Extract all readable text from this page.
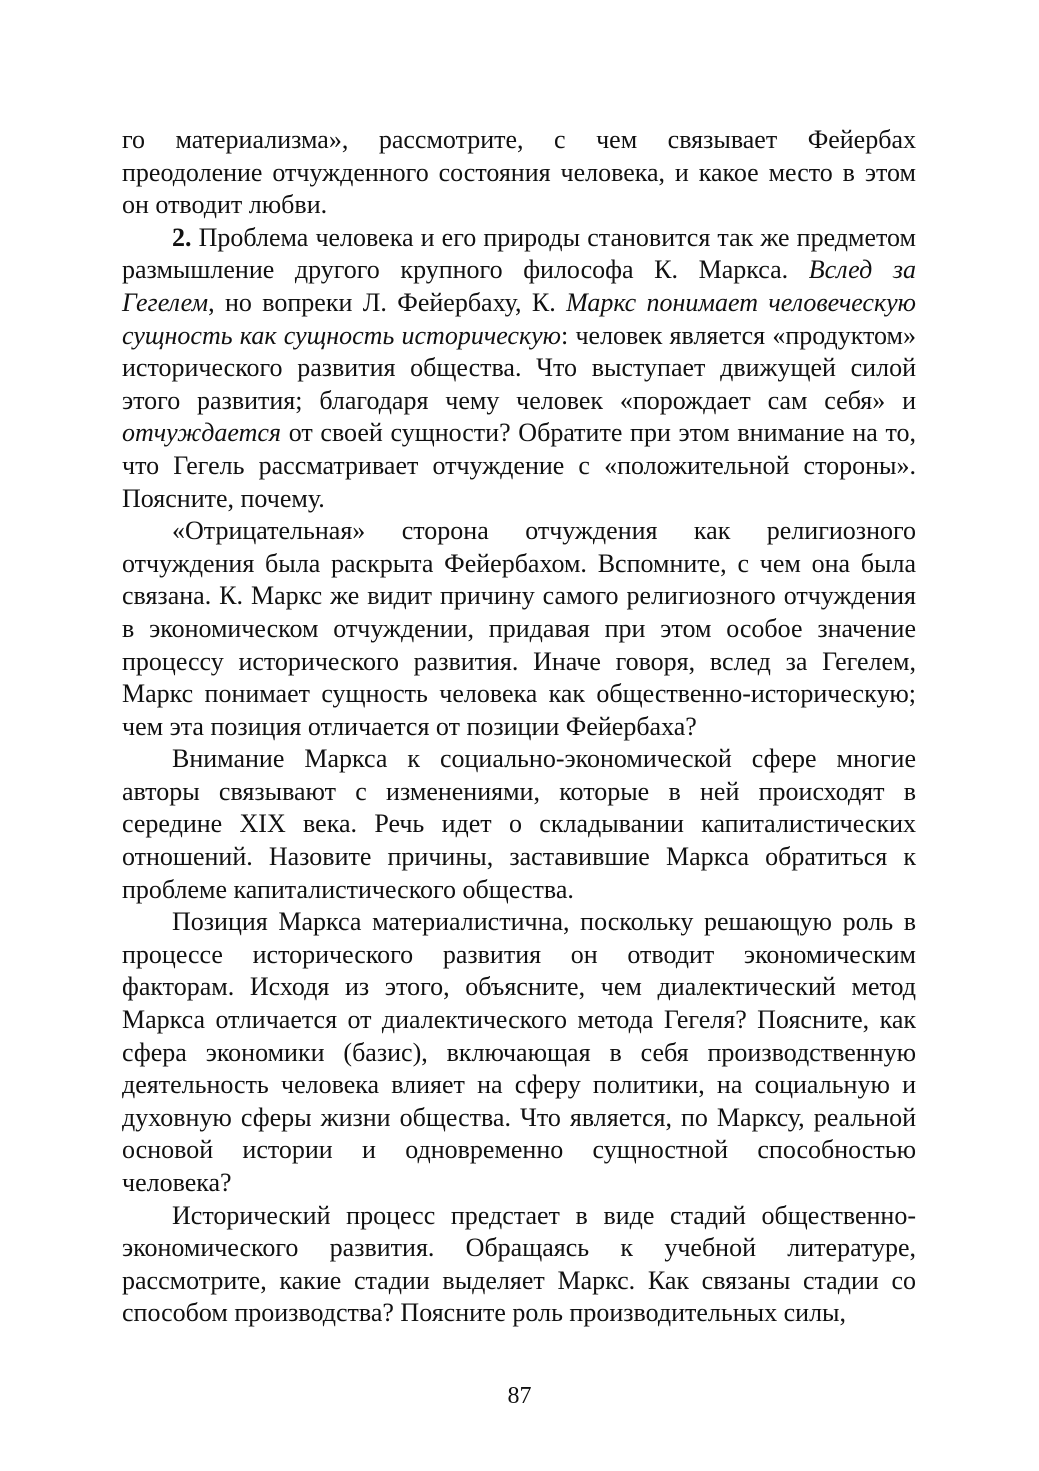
го материализма», рассмотрите, с чем связывает Фейербах преодоление отчужденного состояния человека, и какое место в этом он отводит любви.

2. Проблема человека и его природы становится так же предметом размышление другого крупного философа К. Маркса. Вслед за Гегелем, но вопреки Л. Фейербаху, К. Маркс понимает человеческую сущность как сущность историческую: человек является «продуктом» исторического развития общества. Что выступает движущей силой этого развития; благодаря чему человек «порождает сам себя» и отчуждается от своей сущности? Обратите при этом внимание на то, что Гегель рассматривает отчуждение с «положительной стороны». Поясните, почему.

«Отрицательная» сторона отчуждения как религиозного отчуждения была раскрыта Фейербахом. Вспомните, с чем она была связана. К. Маркс же видит причину самого религиозного отчуждения в экономическом отчуждении, придавая при этом особое значение процессу исторического развития. Иначе говоря, вслед за Гегелем, Маркс понимает сущность человека как общественно-историческую; чем эта позиция отличается от позиции Фейербаха?

Внимание Маркса к социально-экономической сфере многие авторы связывают с изменениями, которые в ней происходят в середине XIX века. Речь идет о складывании капиталистических отношений. Назовите причины, заставившие Маркса обратиться к проблеме капиталистического общества.

Позиция Маркса материалистична, поскольку решающую роль в процессе исторического развития он отводит экономическим факторам. Исходя из этого, объясните, чем диалектический метод Маркса отличается от диалектического метода Гегеля? Поясните, как сфера экономики (базис), включающая в себя производственную деятельность человека влияет на сферу политики, на социальную и духовную сферы жизни общества. Что является, по Марксу, реальной основой истории и одновременно сущностной способностью человека?

Исторический процесс предстает в виде стадий общественно-экономического развития. Обращаясь к учебной литературе, рассмотрите, какие стадии выделяет Маркс. Как связаны стадии со способом производства? Поясните роль производительных силы,

87
